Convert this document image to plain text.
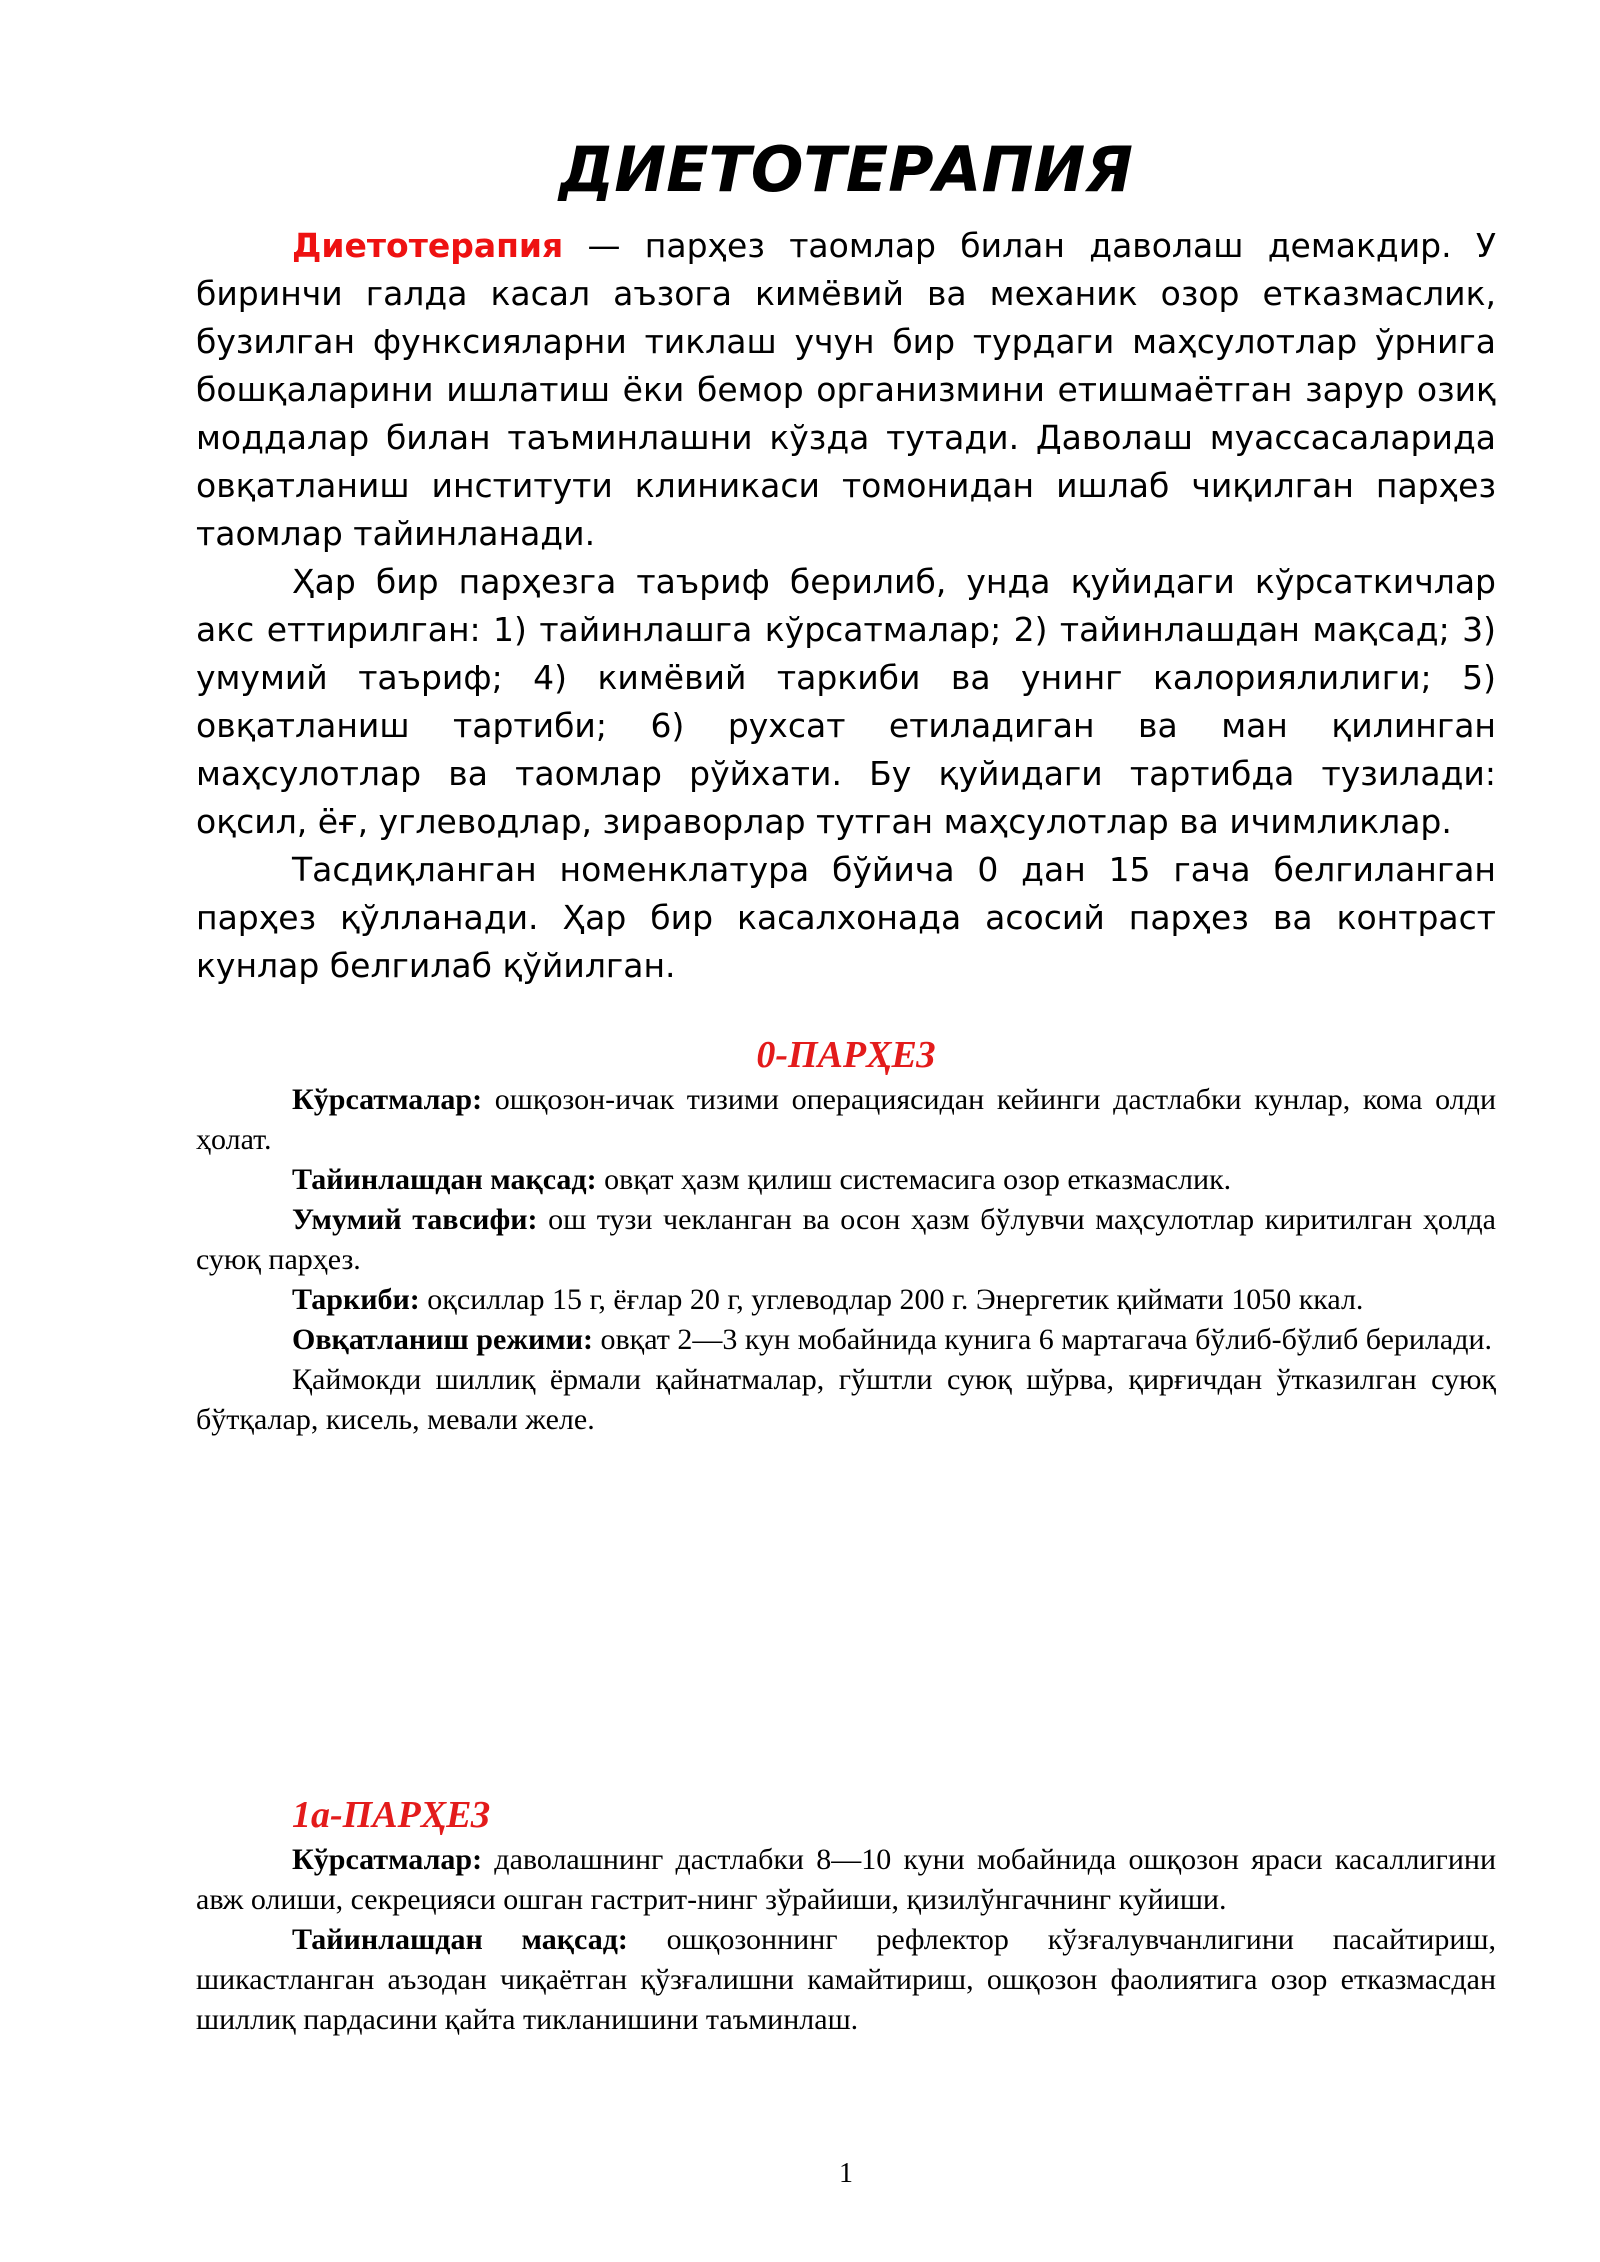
ДИЕТОТЕРАПИЯ

Диетотерапия — парҳез таомлар билан даволаш демакдир. У биринчи галда касал аъзога кимёвий ва механик озор етказмаслик, бузилган функсияларни тиклаш учун бир турдаги маҳсулотлар ўрнига бошқаларини ишлатиш ёки бемор организмини етишмаётган зарур озиқ моддалар билан таъминлашни кўзда тутади. Даволаш муассасаларида овқатланиш институти клиникаси томонидан ишлаб чиқилган парҳез таомлар тайинланади.

Ҳар бир парҳезга таъриф берилиб, унда қуйидаги кўрсаткичлар акс еттирилган: 1) тайинлашга кўрсатмалар; 2) тайинлашдан мақсад; 3) умумий таъриф; 4) кимёвий таркиби ва унинг калориялилиги; 5) овқатланиш тартиби; 6) рухсат етиладиган ва ман қилинган маҳсулотлар ва таомлар рўйхати. Бу қуйидаги тартибда тузилади: оқсил, ёғ, углеводлар, зираворлар тутган маҳсулотлар ва ичимликлар.

Тасдиқланган номенклатура бўйича 0 дан 15 гача белгиланган парҳез қўлланади. Ҳар бир касалхонада асосий парҳез ва контраст кунлар белгилаб қўйилган.

0-ПАРҲЕЗ

Кўрсатмалар: ошқозон-ичак тизими операциясидан кейинги дастлабки кунлар, кома олди ҳолат.

Тайинлашдан мақсад: овқат ҳазм қилиш системасига озор етказмаслик.

Умумий тавсифи: ош тузи чекланган ва осон ҳазм бўлувчи маҳсулотлар киритилган ҳолда суюқ парҳез.

Таркиби: оқсиллар 15 г, ёғлар 20 г, углеводлар 200 г. Энергетик қиймати 1050 ккал.

Овқатланиш режими: овқат 2—3 кун мобайнида кунига 6 мартагача бўлиб-бўлиб берилади.

Қаймокди шиллиқ ёрмали қайнатмалар, гўштли суюқ шўрва, қирғичдан ўтказилган суюқ бўтқалар, кисель, мевали желе.

1а-ПАРҲЕЗ

Кўрсатмалар: даволашнинг дастлабки 8—10 куни мобайнида ошқозон яраси касаллигини авж олиши, секрецияси ошган гастрит-нинг зўрайиши, қизилўнгачнинг куйиши.

Тайинлашдан мақсад: ошқозоннинг рефлектор кўзғалувчанлигини пасайтириш, шикастланган аъзодан чиқаётган қўзғалишни камайтириш, ошқозон фаолиятига озор етказмасдан шиллиқ пардасини қайта тикланишини таъминлаш.

1
